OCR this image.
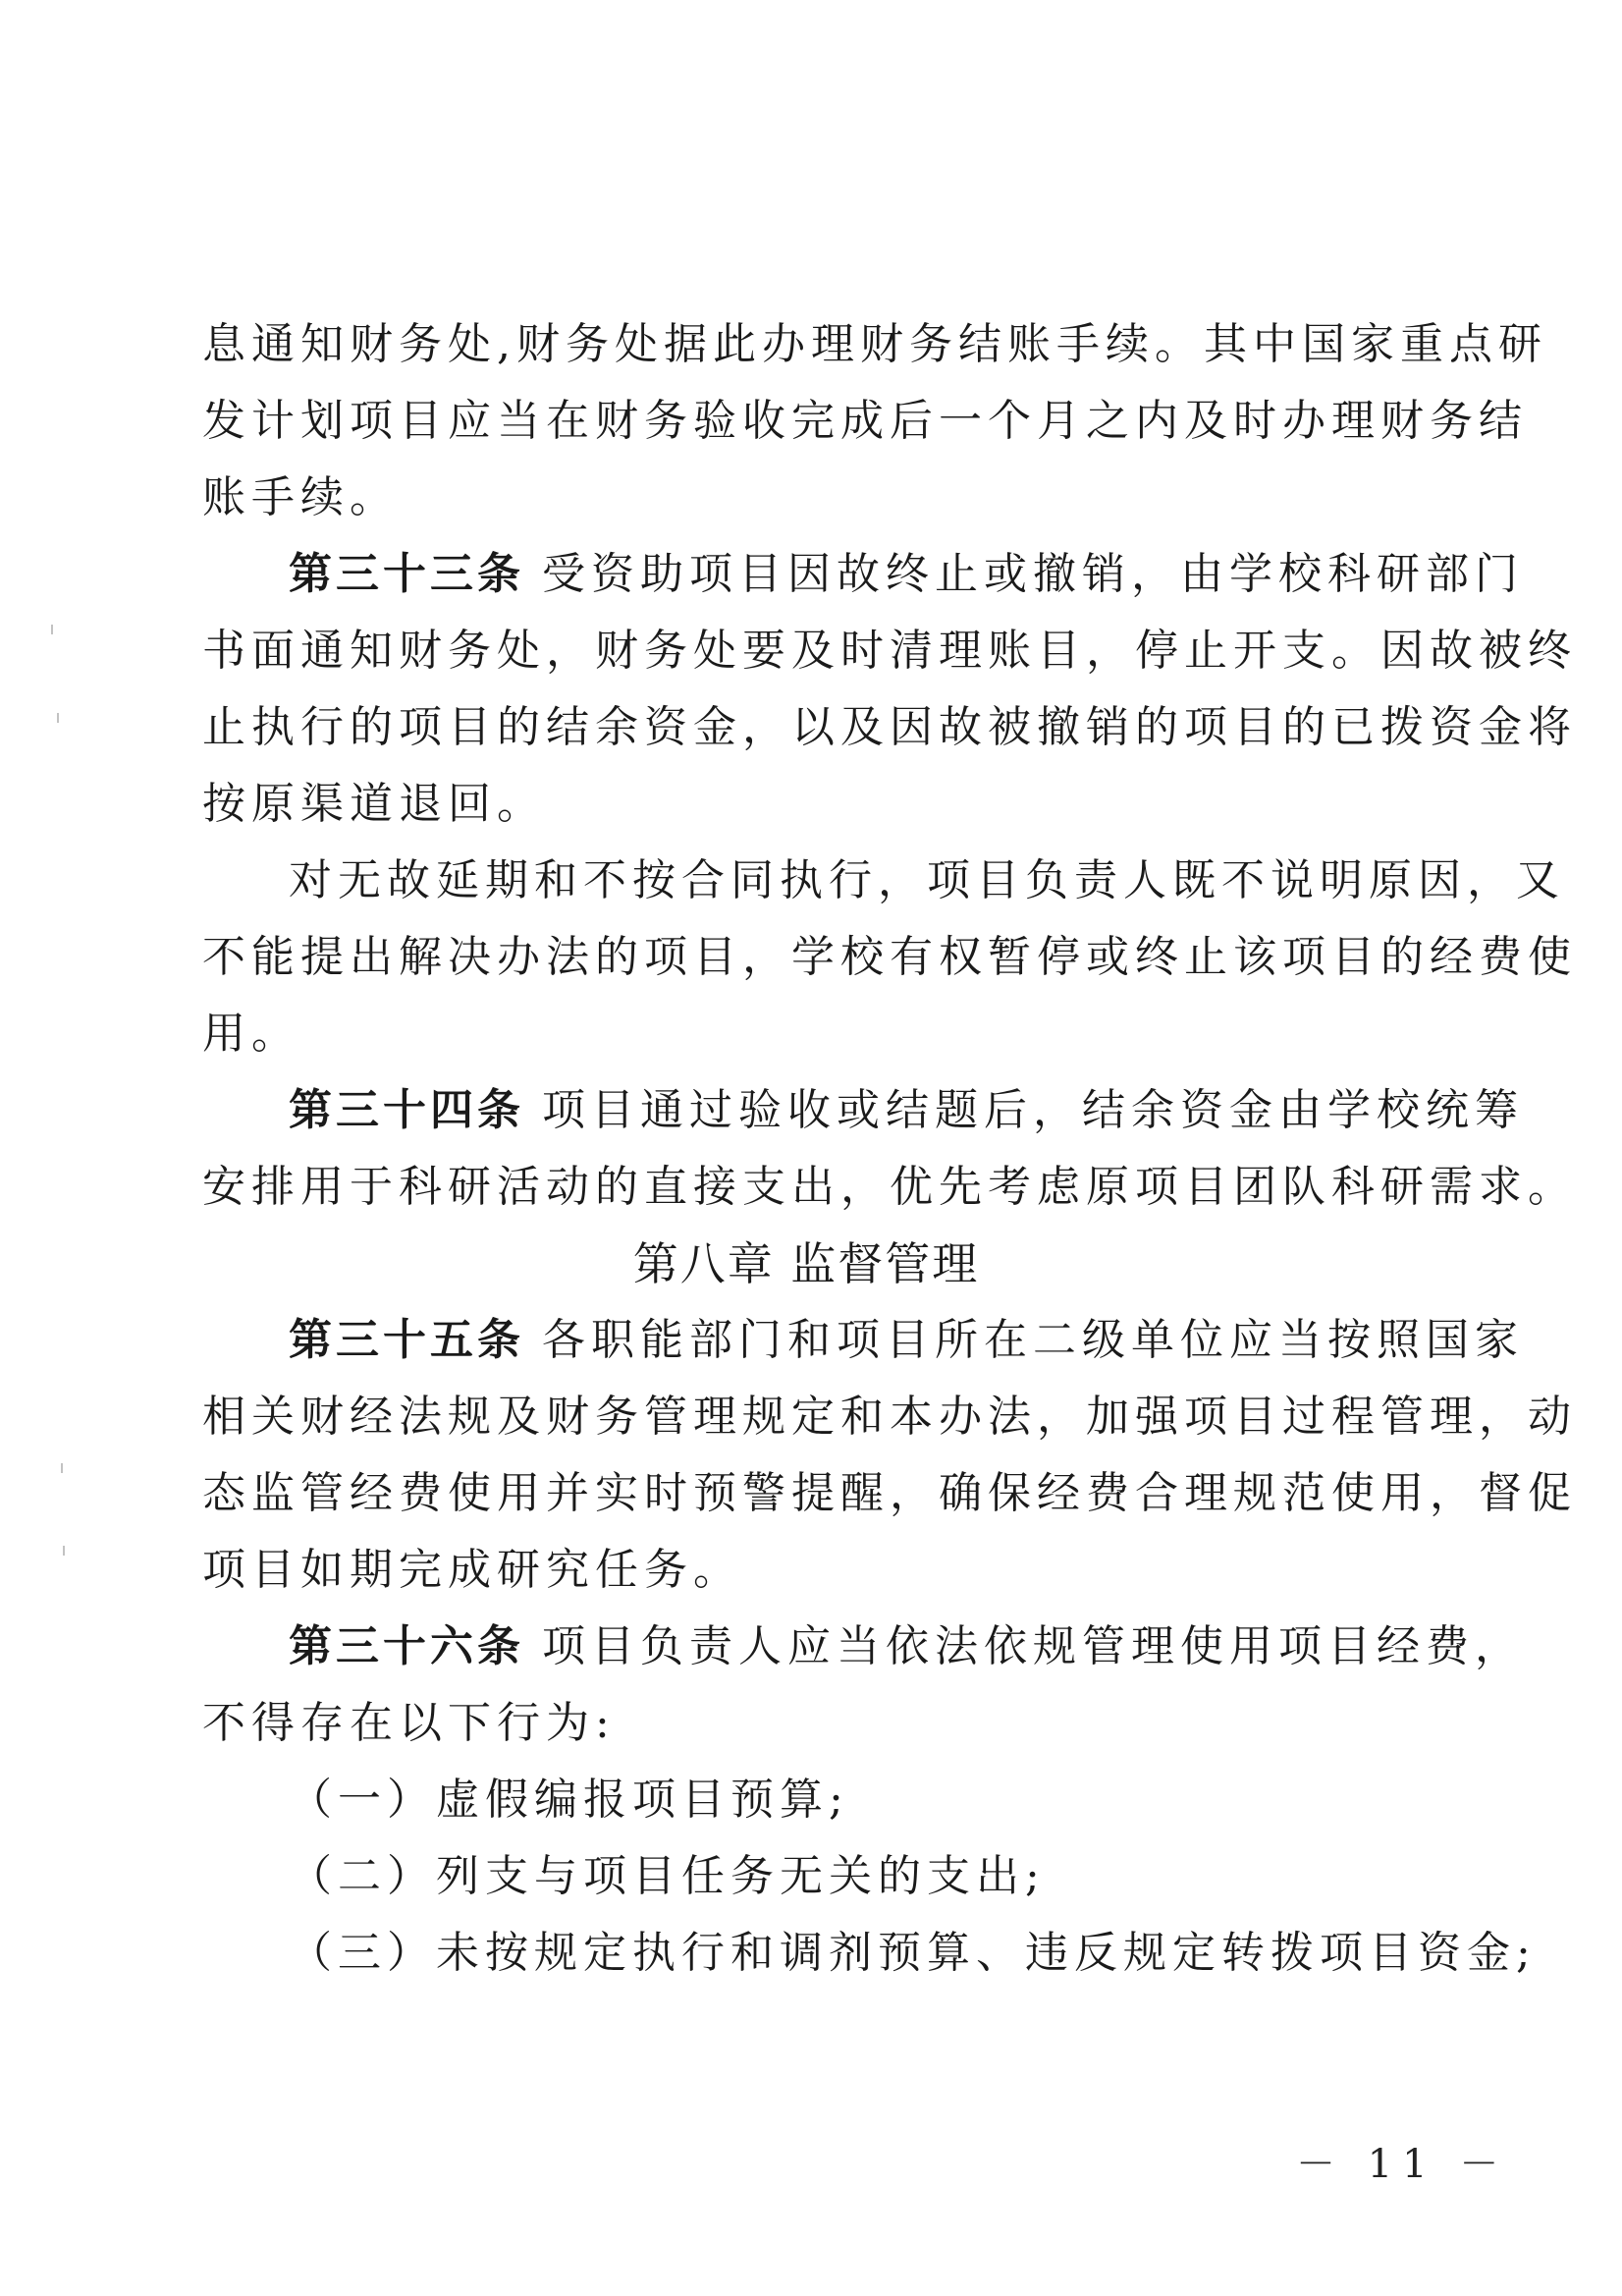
息通知财务处,财务处据此办理财务结账手续。其中国家重点研
发计划项目应当在财务验收完成后一个月之内及时办理财务结
账手续。
第三十三条 受资助项目因故终止或撤销，由学校科研部门
书面通知财务处，财务处要及时清理账目，停止开支。因故被终
止执行的项目的结余资金，以及因故被撤销的项目的已拨资金将
按原渠道退回。
对无故延期和不按合同执行，项目负责人既不说明原因，又
不能提出解决办法的项目，学校有权暂停或终止该项目的经费使
用。
第三十四条 项目通过验收或结题后，结余资金由学校统筹
安排用于科研活动的直接支出，优先考虑原项目团队科研需求。
第八章 监督管理
第三十五条 各职能部门和项目所在二级单位应当按照国家
相关财经法规及财务管理规定和本办法，加强项目过程管理，动
态监管经费使用并实时预警提醒，确保经费合理规范使用，督促
项目如期完成研究任务。
第三十六条 项目负责人应当依法依规管理使用项目经费，
不得存在以下行为:
（一）虚假编报项目预算;
（二）列支与项目任务无关的支出;
（三）未按规定执行和调剂预算、违反规定转拨项目资金;
－ 11 －
